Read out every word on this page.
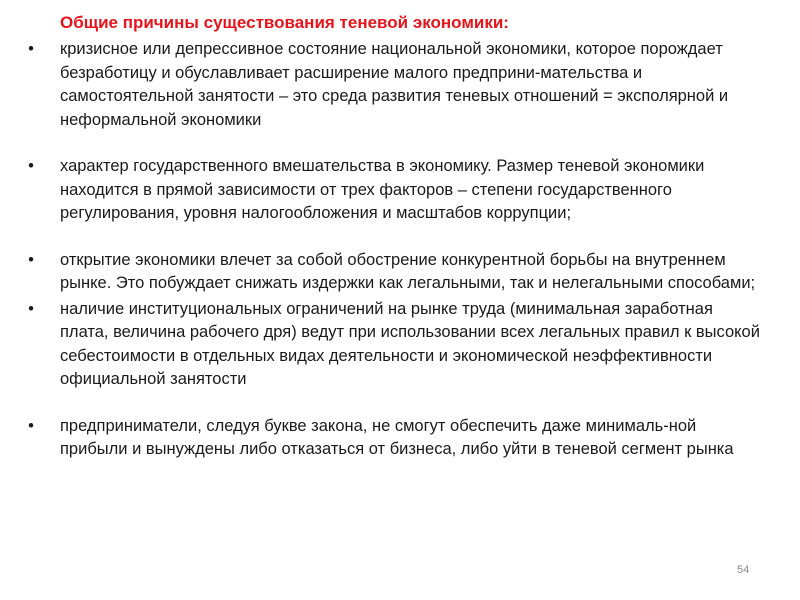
Общие причины существования теневой экономики:
• кризисное или депрессивное состояние национальной экономики, которое порождает безработицу и обуславливает расширение малого предприни-мательства и самостоятельной занятости – это среда развития теневых отношений = эксполярной и неформальной экономики
• характер государственного вмешательства в экономику. Размер теневой экономики находится в прямой зависимости от трех факторов – степени государственного регулирования, уровня налогообложения и масштабов коррупции;
• открытие экономики влечет за собой обострение конкурентной борьбы на внутреннем рынке. Это побуждает снижать издержки как легальными, так и нелегальными способами;
• наличие институциональных ограничений на рынке труда (минимальная заработная плата, величина рабочего дря) ведут при использовании всех легальных правил к высокой себестоимости в отдельных видах деятельности и экономической неэффективности официальной занятости
• предприниматели, следуя букве закона, не смогут обеспечить даже минималь-ной прибыли и вынуждены либо отказаться от бизнеса, либо уйти в теневой сегмент рынка
54
